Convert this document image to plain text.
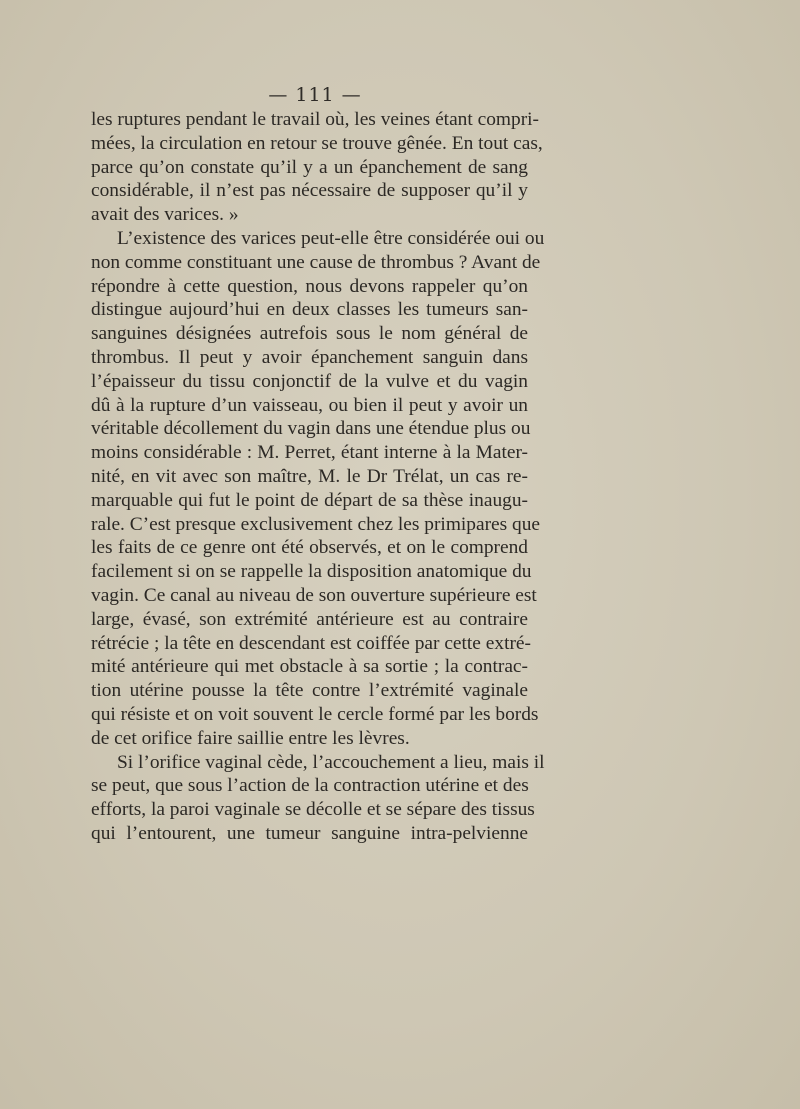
— 111 —
les ruptures pendant le travail où, les veines étant compri-
mées, la circulation en retour se trouve gênée. En tout cas,
parce qu’on constate qu’il y a un épanchement de sang
considérable, il n’est pas nécessaire de supposer qu’il y
avait des varices. »
L’existence des varices peut-elle être considérée oui ou
non comme constituant une cause de thrombus ? Avant de
répondre à cette question, nous devons rappeler qu’on
distingue aujourd’hui en deux classes les tumeurs san-
sanguines désignées autrefois sous le nom général de
thrombus. Il peut y avoir épanchement sanguin dans
l’épaisseur du tissu conjonctif de la vulve et du vagin
dû à la rupture d’un vaisseau, ou bien il peut y avoir un
véritable décollement du vagin dans une étendue plus ou
moins considérable : M. Perret, étant interne à la Mater-
nité, en vit avec son maître, M. le Dr Trélat, un cas re-
marquable qui fut le point de départ de sa thèse inaugu-
rale. C’est presque exclusivement chez les primipares que
les faits de ce genre ont été observés, et on le comprend
facilement si on se rappelle la disposition anatomique du
vagin. Ce canal au niveau de son ouverture supérieure est
large, évasé, son extrémité antérieure est au contraire
rétrécie ; la tête en descendant est coiffée par cette extré-
mité antérieure qui met obstacle à sa sortie ; la contrac-
tion utérine pousse la tête contre l’extrémité vaginale
qui résiste et on voit souvent le cercle formé par les bords
de cet orifice faire saillie entre les lèvres.
Si l’orifice vaginal cède, l’accouchement a lieu, mais il
se peut, que sous l’action de la contraction utérine et des
efforts, la paroi vaginale se décolle et se sépare des tissus
qui l’entourent, une tumeur sanguine intra-pelvienne
